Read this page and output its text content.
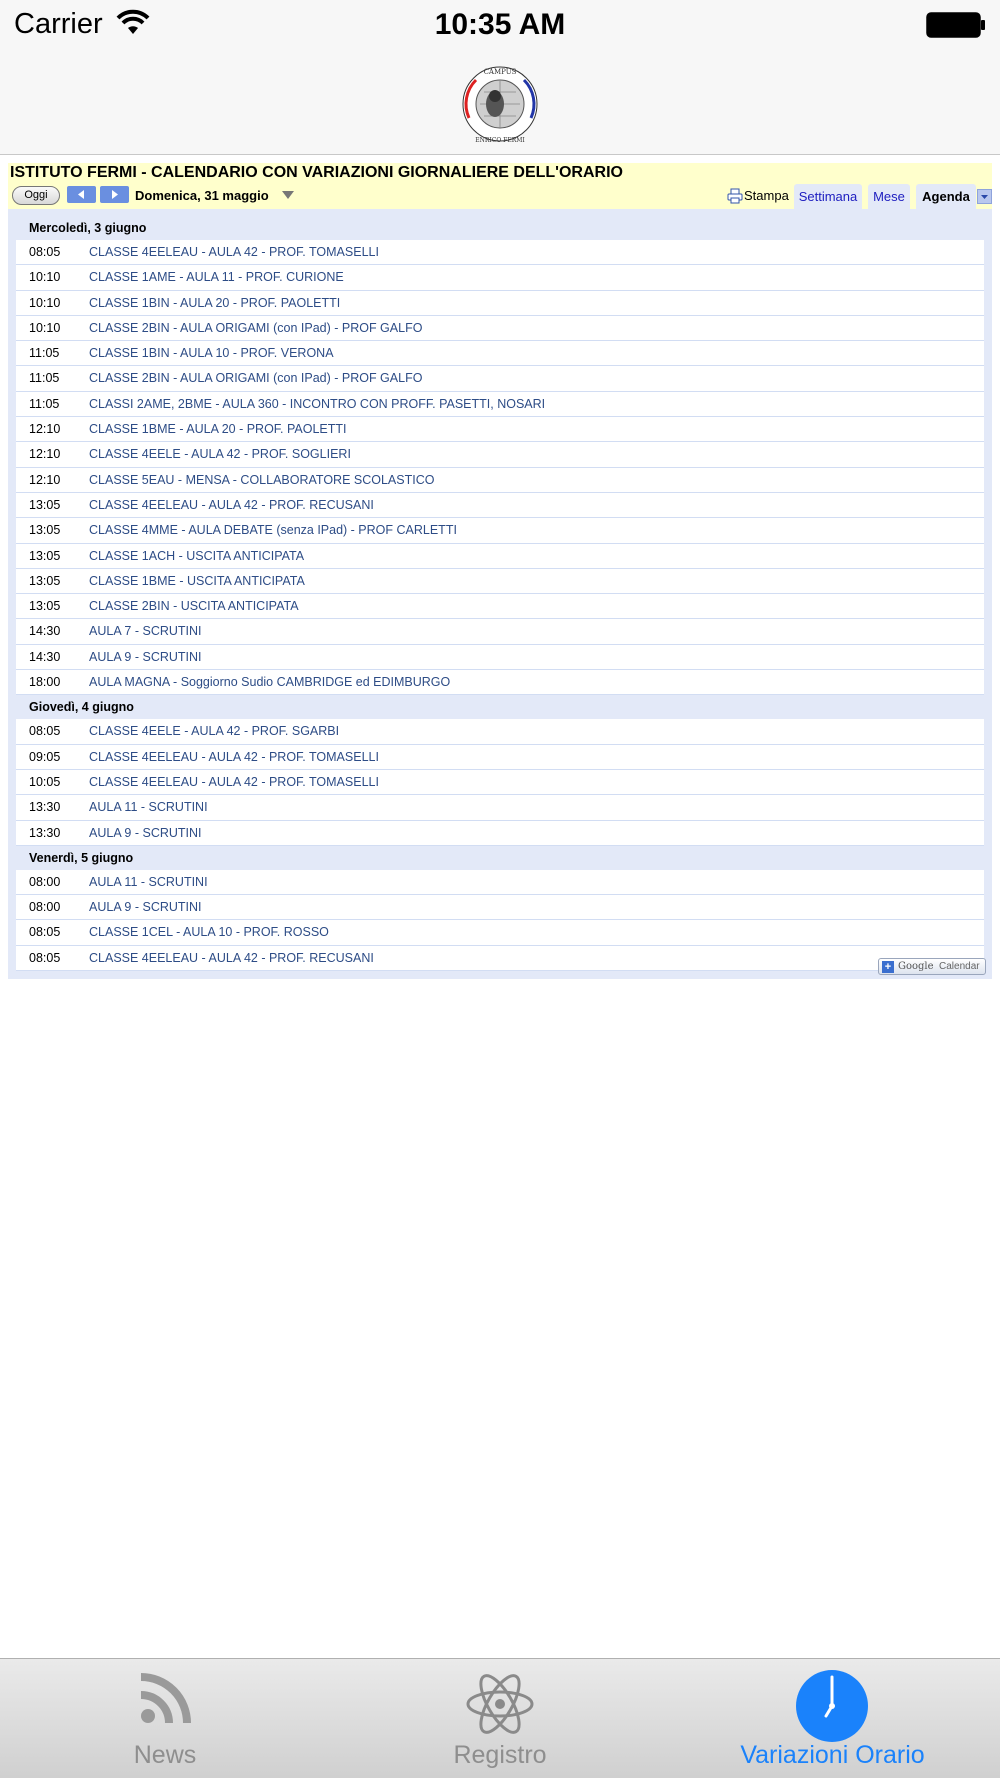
Carrier	10:35 AM
CAMPUS
ENRICO FERMI
ISTITUTO FERMI - CALENDARIO CON VARIAZIONI GIORNALIERE DELL'ORARIO
Oggi	Domenica, 31 maggio	Stampa Settimana	Mese	Agenda
Mercoledì, 3 giugno
08:05 CLASSE 4EELEAU - AULA 42 - PROF. TOMASELLI
10:10 CLASSE 1AME - AULA 11 - PROF. CURIONE
10:10 CLASSE 1BIN - AULA 20 - PROF. PAOLETTI
10:10 CLASSE 2BIN - AULA ORIGAMI (con IPad) - PROF GALFO
11:05 CLASSE 1BIN - AULA 10 - PROF. VERONA
11:05 CLASSE 2BIN - AULA ORIGAMI (con IPad) - PROF GALFO
11:05 CLASSI 2AME, 2BME - AULA 360 - INCONTRO CON PROFF. PASETTI, NOSARI
12:10 CLASSE 1BME - AULA 20 - PROF. PAOLETTI
12:10 CLASSE 4EELE - AULA 42 - PROF. SOGLIERI
12:10 CLASSE 5EAU - MENSA - COLLABORATORE SCOLASTICO
13:05 CLASSE 4EELEAU - AULA 42 - PROF. RECUSANI
13:05 CLASSE 4MME - AULA DEBATE (senza IPad) - PROF CARLETTI
13:05 CLASSE 1ACH - USCITA ANTICIPATA
13:05 CLASSE 1BME - USCITA ANTICIPATA
13:05 CLASSE 2BIN - USCITA ANTICIPATA
14:30 AULA 7 - SCRUTINI
14:30 AULA 9 - SCRUTINI
18:00 AULA MAGNA - Soggiorno Sudio CAMBRIDGE ed EDIMBURGO
Giovedì, 4 giugno
08:05 CLASSE 4EELE - AULA 42 - PROF. SGARBI
09:05 CLASSE 4EELEAU - AULA 42 - PROF. TOMASELLI
10:05 CLASSE 4EELEAU - AULA 42 - PROF. TOMASELLI
13:30 AULA 11 - SCRUTINI
13:30 AULA 9 - SCRUTINI
Venerdì, 5 giugno
08:00 AULA 11 - SCRUTINI
08:00 AULA 9 - SCRUTINI
08:05 CLASSE 1CEL - AULA 10 - PROF. ROSSO
08:05 CLASSE 4EELEAU - AULA 42 - PROF. RECUSANI
+ Google Calendar
News	Registro	Variazioni Orario
